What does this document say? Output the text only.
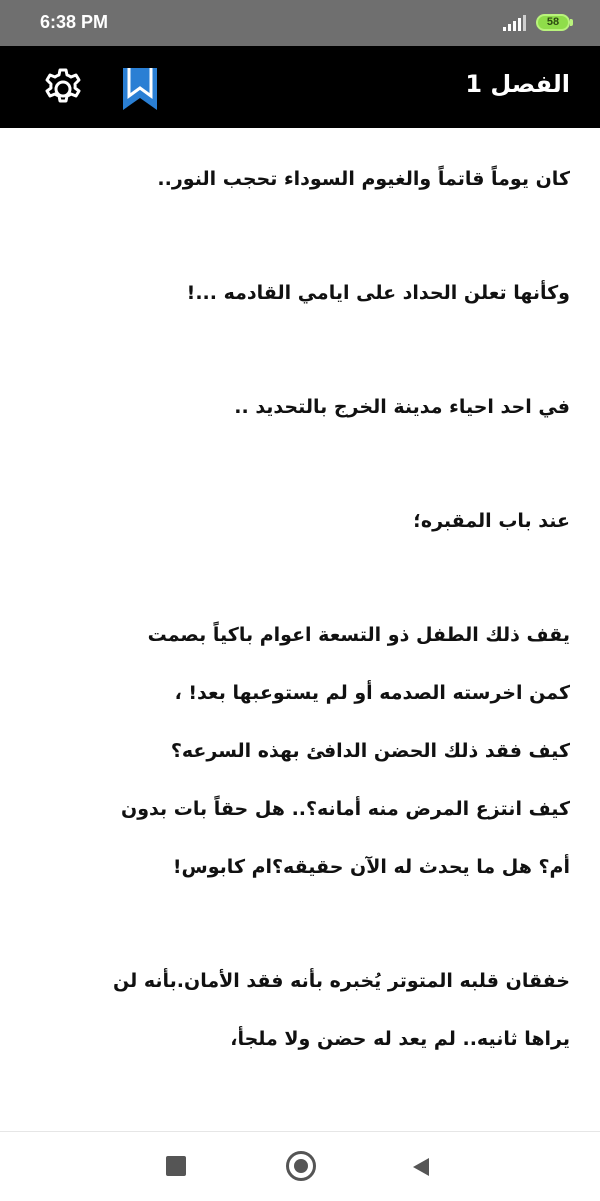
6:38 PM	58
الفصل 1

كان يوماً قاتماً والغيوم السوداء تحجب النور..

وكأنها تعلن الحداد على ايامي القادمه ...!

في احد احياء مدينة الخرج بالتحديد ..

عند باب المقبره؛

يقف ذلك الطفل ذو التسعة اعوام باكياً بصمت
كمن اخرسته الصدمه أو لم يستوعبها بعد! ،
كيف فقد ذلك الحضن الدافئ بهذه السرعه؟
كيف انتزع المرض منه أمانه؟.. هل حقاً بات بدون
أم؟ هل ما يحدث له الآن حقيقه؟ام كابوس!

خفقان قلبه المتوتر يُخبره بأنه فقد الأمان.بأنه لن
يراها ثانيه.. لم يعد له حضن ولا ملجأ،
